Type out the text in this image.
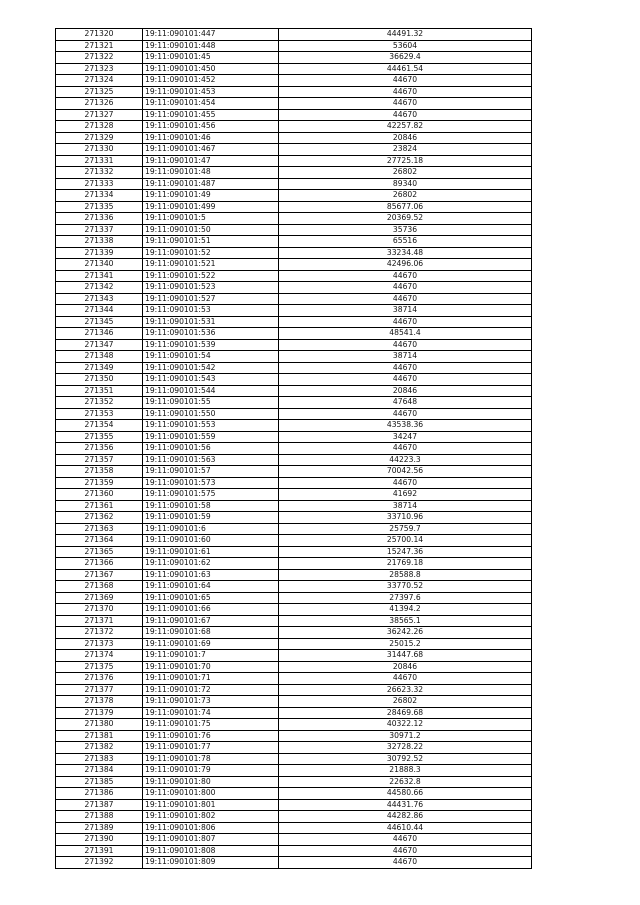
271320	19:11:090101:447	44491.32
271321	19:11:090101:448	53604
271322	19:11:090101:45	36629.4
271323	19:11:090101:450	44461.54
271324	19:11:090101:452	44670
271325	19:11:090101:453	44670
271326	19:11:090101:454	44670
271327	19:11:090101:455	44670
271328	19:11:090101:456	42257.82
271329	19:11:090101:46	20846
271330	19:11:090101:467	23824
271331	19:11:090101:47	27725.18
271332	19:11:090101:48	26802
271333	19:11:090101:487	89340
271334	19:11:090101:49	26802
271335	19:11:090101:499	85677.06
271336	19:11:090101:5	20369.52
271337	19:11:090101:50	35736
271338	19:11:090101:51	65516
271339	19:11:090101:52	33234.48
271340	19:11:090101:521	42496.06
271341	19:11:090101:522	44670
271342	19:11:090101:523	44670
271343	19:11:090101:527	44670
271344	19:11:090101:53	38714
271345	19:11:090101:531	44670
271346	19:11:090101:536	48541.4
271347	19:11:090101:539	44670
271348	19:11:090101:54	38714
271349	19:11:090101:542	44670
271350	19:11:090101:543	44670
271351	19:11:090101:544	20846
271352	19:11:090101:55	47648
271353	19:11:090101:550	44670
271354	19:11:090101:553	43538.36
271355	19:11:090101:559	34247
271356	19:11:090101:56	44670
271357	19:11:090101:563	44223.3
271358	19:11:090101:57	70042.56
271359	19:11:090101:573	44670
271360	19:11:090101:575	41692
271361	19:11:090101:58	38714
271362	19:11:090101:59	33710.96
271363	19:11:090101:6	25759.7
271364	19:11:090101:60	25700.14
271365	19:11:090101:61	15247.36
271366	19:11:090101:62	21769.18
271367	19:11:090101:63	28588.8
271368	19:11:090101:64	33770.52
271369	19:11:090101:65	27397.6
271370	19:11:090101:66	41394.2
271371	19:11:090101:67	38565.1
271372	19:11:090101:68	36242.26
271373	19:11:090101:69	25015.2
271374	19:11:090101:7	31447.68
271375	19:11:090101:70	20846
271376	19:11:090101:71	44670
271377	19:11:090101:72	26623.32
271378	19:11:090101:73	26802
271379	19:11:090101:74	28469.68
271380	19:11:090101:75	40322.12
271381	19:11:090101:76	30971.2
271382	19:11:090101:77	32728.22
271383	19:11:090101:78	30792.52
271384	19:11:090101:79	21888.3
271385	19:11:090101:80	22632.8
271386	19:11:090101:800	44580.66
271387	19:11:090101:801	44431.76
271388	19:11:090101:802	44282.86
271389	19:11:090101:806	44610.44
271390	19:11:090101:807	44670
271391	19:11:090101:808	44670
271392	19:11:090101:809	44670
